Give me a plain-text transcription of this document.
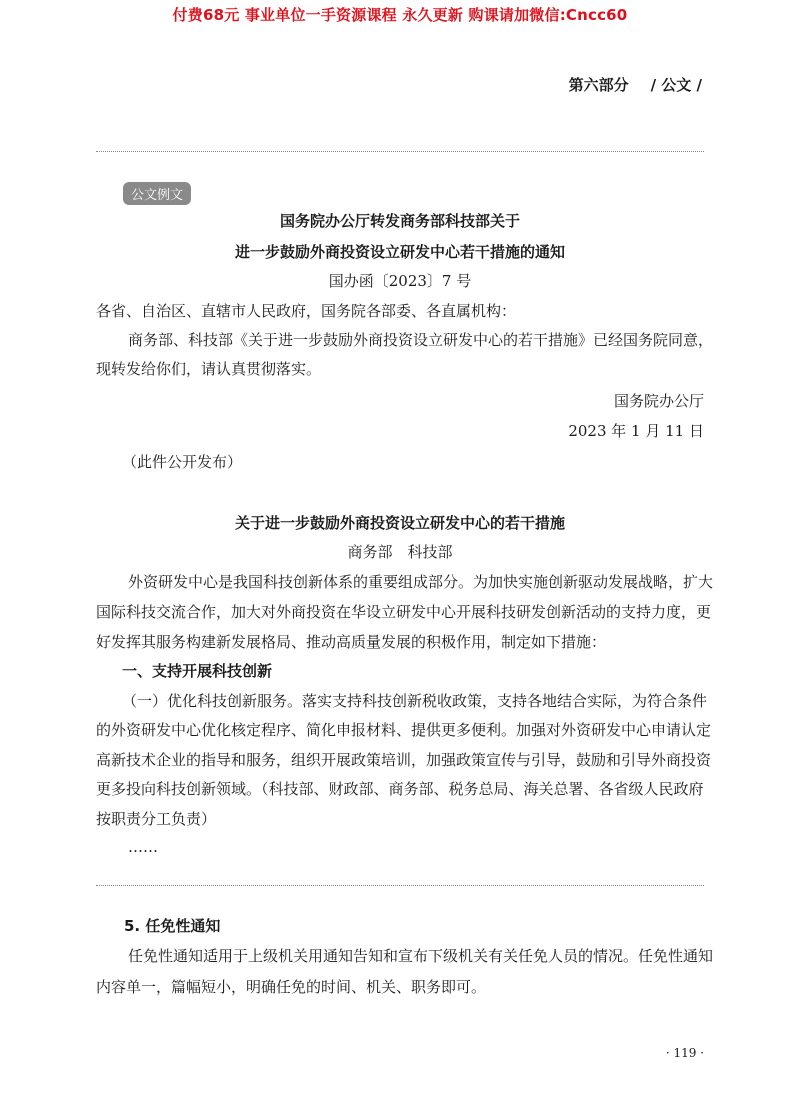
付费68元 事业单位一手资源课程 永久更新 购课请加微信:Cncc60
第六部分 / 公文 /
公文例文
国务院办公厅转发商务部科技部关于
进一步鼓励外商投资设立研发中心若干措施的通知
国办函〔2023〕7 号
各省、自治区、直辖市人民政府，国务院各部委、各直属机构：
商务部、科技部《关于进一步鼓励外商投资设立研发中心的若干措施》已经国务院同意，
现转发给你们，请认真贯彻落实。
国务院办公厅
2023 年 1 月 11 日
（此件公开发布）
关于进一步鼓励外商投资设立研发中心的若干措施
商务部　科技部
外资研发中心是我国科技创新体系的重要组成部分。为加快实施创新驱动发展战略，扩大
国际科技交流合作，加大对外商投资在华设立研发中心开展科技研发创新活动的支持力度，更
好发挥其服务构建新发展格局、推动高质量发展的积极作用，制定如下措施：
一、支持开展科技创新
（一）优化科技创新服务。落实支持科技创新税收政策，支持各地结合实际，为符合条件
的外资研发中心优化核定程序、简化申报材料、提供更多便利。加强对外资研发中心申请认定
高新技术企业的指导和服务，组织开展政策培训，加强政策宣传与引导，鼓励和引导外商投资
更多投向科技创新领域。（科技部、财政部、商务部、税务总局、海关总署、各省级人民政府
按职责分工负责）
……
5. 任免性通知
任免性通知适用于上级机关用通知告知和宣布下级机关有关任免人员的情况。任免性通知
内容单一，篇幅短小，明确任免的时间、机关、职务即可。
· 119 ·
